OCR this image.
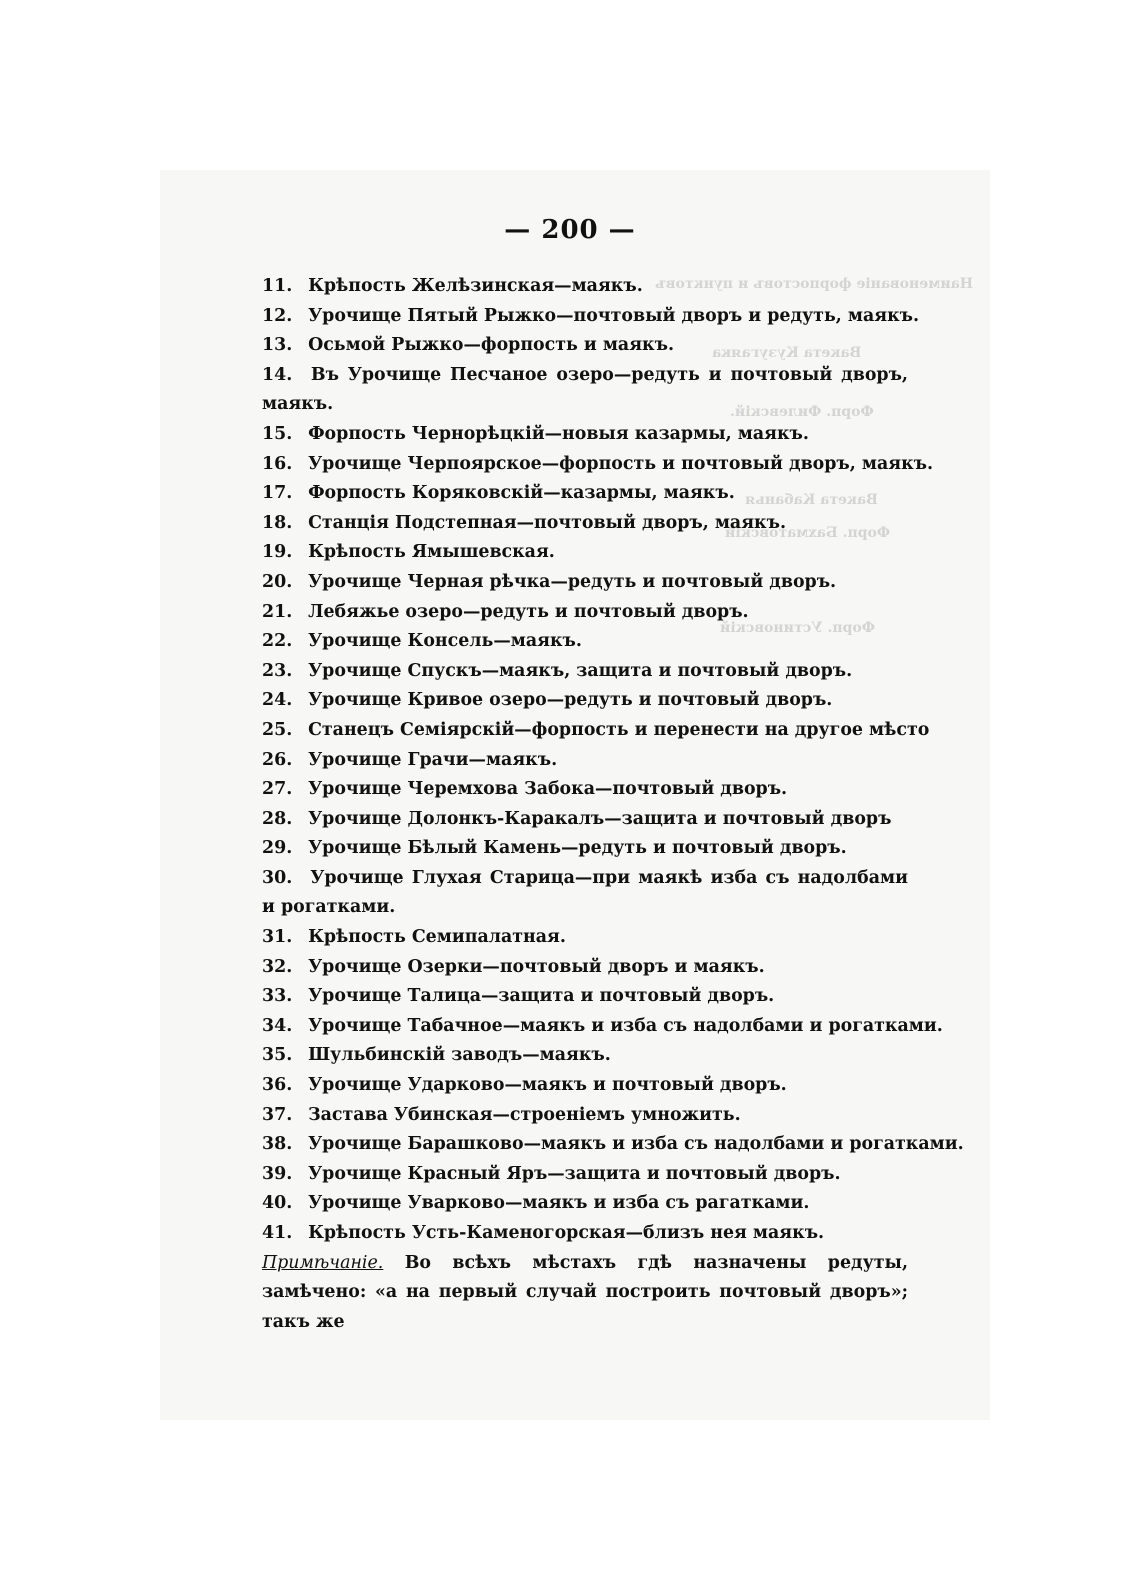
Наименованіе форпостовъ и пунктовъ
Вакета Кузугаяка
Форп. Филевскій.
Вакета Кабанья
Форп. Бахматовскій
Форп. Устиновскій
— 200 —
11. Крѣпость Желѣзинская—маякъ.
12. Урочище Пятый Рыжко—почтовый дворъ и редуть, маякъ.
13. Осьмой Рыжко—форпость и маякъ.
14. Въ Урочище Песчаное озеро—редуть и почтовый дворъ, маякъ.
15. Форпость Чернорѣцкій—новыя казармы, маякъ.
16. Урочище Черпоярское—форпость и почтовый дворъ, маякъ.
17. Форпость Коряковскій—казармы, маякъ.
18. Станція Подстепная—почтовый дворъ, маякъ.
19. Крѣпость Ямышевская.
20. Урочище Черная рѣчка—редуть и почтовый дворъ.
21. Лебяжье озеро—редуть и почтовый дворъ.
22. Урочище Консель—маякъ.
23. Урочище Спускъ—маякъ, защита и почтовый дворъ.
24. Урочище Кривое озеро—редуть и почтовый дворъ.
25. Станецъ Семіярскій—форпость и перенести на другое мѣсто
26. Урочище Грачи—маякъ.
27. Урочище Черемхова Забока—почтовый дворъ.
28. Урочище Долонкъ-Каракалъ—защита и почтовый дворъ
29. Урочище Бѣлый Камень—редуть и почтовый дворъ.
30. Урочище Глухая Старица—при маякѣ изба съ надолбами и рогатками.
31. Крѣпость Семипалатная.
32. Урочище Озерки—почтовый дворъ и маякъ.
33. Урочище Талица—защита и почтовый дворъ.
34. Урочище Табачное—маякъ и изба съ надолбами и рогатками.
35. Шульбинскій заводъ—маякъ.
36. Урочище Ударково—маякъ и почтовый дворъ.
37. Застава Убинская—строеніемъ умножить.
38. Урочище Барашково—маякъ и изба съ надолбами и рогатками.
39. Урочище Красный Яръ—защита и почтовый дворъ.
40. Урочище Уварково—маякъ и изба съ рагатками.
41. Крѣпость Усть-Каменогорская—близъ нея маякъ.
Примѣчаніе. Во всѣхъ мѣстахъ гдѣ назначены редуты, замѣчено: «а на первый случай построить почтовый дворъ»; такъ же
